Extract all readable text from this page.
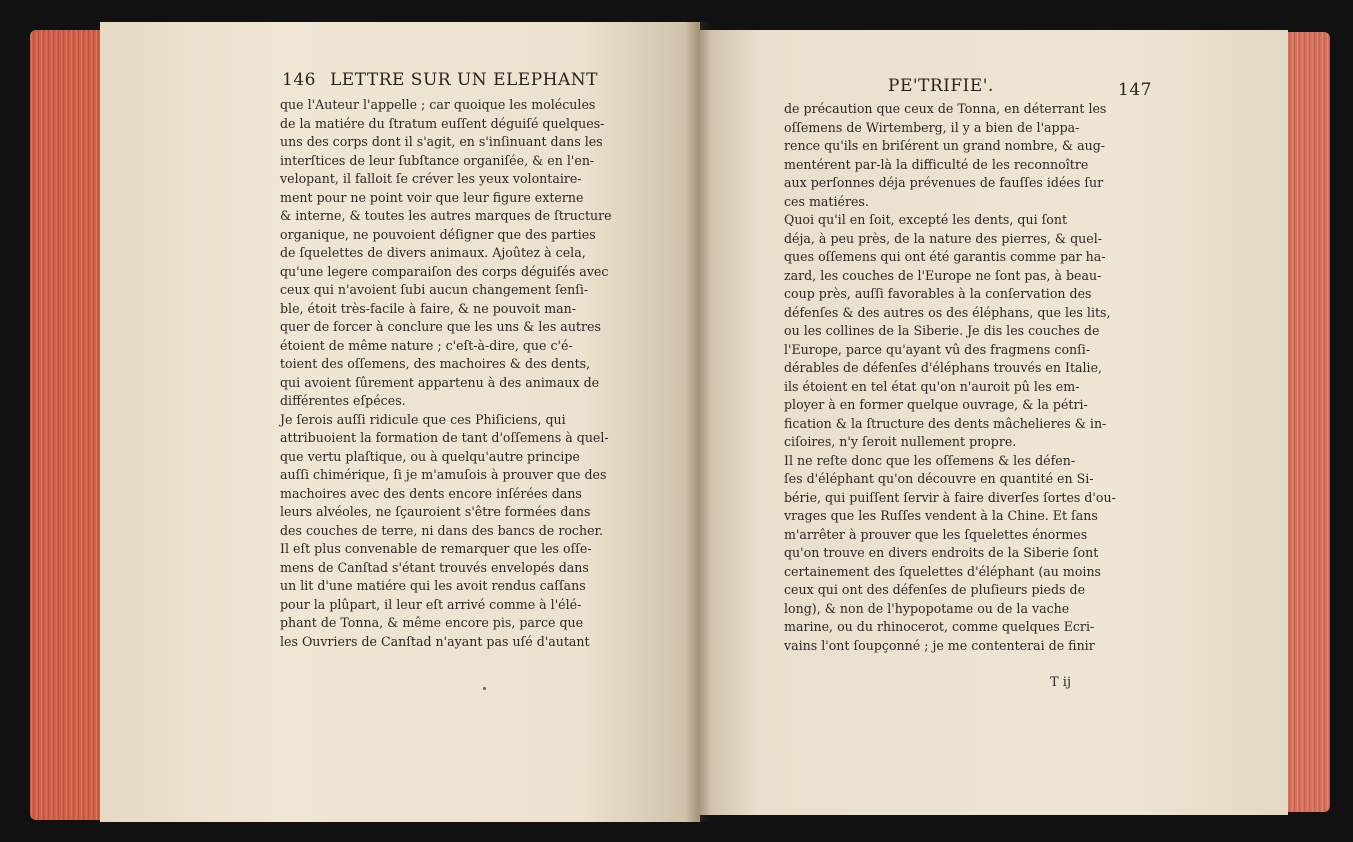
146 LETTRE SUR UN ELEPHANT

que l'Auteur l'appelle ; car quoique les molécules

de la matiére du ſtratum euſſent déguiſé quelques-

uns des corps dont il s'agit, en s'inſinuant dans les

interſtices de leur ſubſtance organiſée, & en l'en-

velopant, il falloit ſe créver les yeux volontaire-

ment pour ne point voir que leur figure externe

& interne, & toutes les autres marques de ſtructure

organique, ne pouvoient déſigner que des parties

de ſquelettes de divers animaux. Ajoûtez à cela,

qu'une legere comparaiſon des corps déguiſés avec

ceux qui n'avoient ſubi aucun changement ſenſi-

ble, étoit très-facile à faire, & ne pouvoit man-

quer de forcer à conclure que les uns & les autres

étoient de même nature ; c'eſt-à-dire, que c'é-

toient des oſſemens, des machoires & des dents,

qui avoient ſûrement appartenu à des animaux de

différentes eſpéces.

Je ſerois auſſi ridicule que ces Phiſiciens, qui

attribuoient la formation de tant d'oſſemens à quel-

que vertu plaſtique, ou à quelqu'autre principe

auſſi chimérique, ſi je m'amuſois à prouver que des

machoires avec des dents encore inſérées dans

leurs alvéoles, ne ſçauroient s'être formées dans

des couches de terre, ni dans des bancs de rocher.

Il eſt plus convenable de remarquer que les oſſe-

mens de Canſtad s'étant trouvés envelopés dans

un lit d'une matiére qui les avoit rendus caſſans

pour la plûpart, il leur eſt arrivé comme à l'élé-

phant de Tonna, & même encore pis, parce que

les Ouvriers de Canſtad n'ayant pas uſé d'autant

PE'TRIFIE'.	147

de précaution que ceux de Tonna, en déterrant les

oſſemens de Wirtemberg, il y a bien de l'appa-

rence qu'ils en briſérent un grand nombre, & aug-

mentérent par-là la difficulté de les reconnoître

aux perſonnes déja prévenues de fauſſes idées ſur

ces matiéres.

Quoi qu'il en ſoit, excepté les dents, qui ſont

déja, à peu près, de la nature des pierres, & quel-

ques oſſemens qui ont été garantis comme par ha-

zard, les couches de l'Europe ne ſont pas, à beau-

coup près, auſſi favorables à la conſervation des

défenſes & des autres os des éléphans, que les lits,

ou les collines de la Siberie. Je dis les couches de

l'Europe, parce qu'ayant vû des fragmens conſi-

dérables de défenſes d'éléphans trouvés en Italie,

ils étoient en tel état qu'on n'auroit pû les em-

ployer à en former quelque ouvrage, & la pétri-

fication & la ſtructure des dents mâchelieres & in-

ciſoires, n'y ſeroit nullement propre.

Il ne reſte donc que les oſſemens & les défen-

ſes d'éléphant qu'on découvre en quantité en Si-

bérie, qui puiſſent ſervir à faire diverſes ſortes d'ou-

vrages que les Ruſſes vendent à la Chine. Et ſans

m'arrêter à prouver que les ſquelettes énormes

qu'on trouve en divers endroits de la Siberie ſont

certainement des ſquelettes d'éléphant (au moins

ceux qui ont des défenſes de pluſieurs pieds de

long), & non de l'hypopotame ou de la vache

marine, ou du rhinocerot, comme quelques Ecri-

vains l'ont ſoupçonné ; je me contenterai de finir

T ij
